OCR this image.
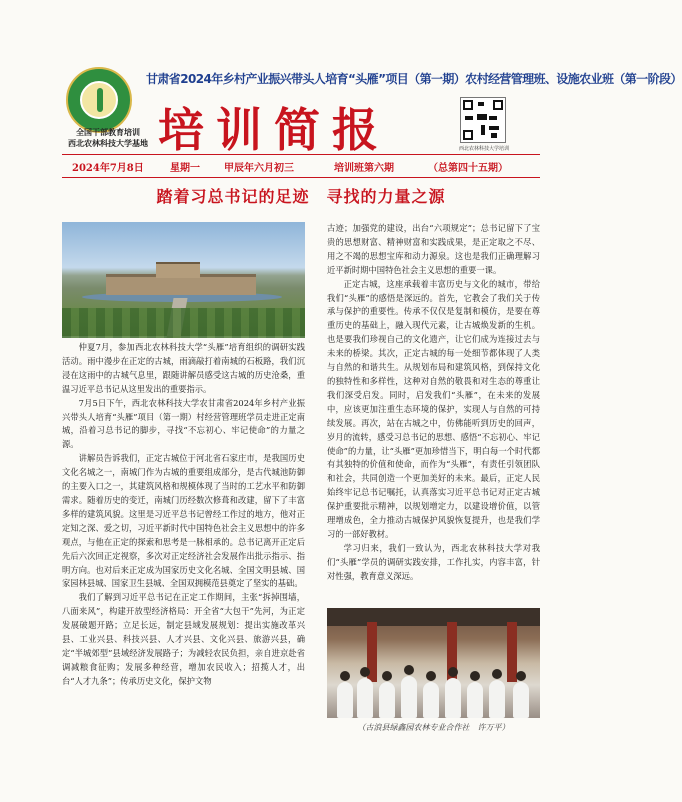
全国干部教育培训
西北农林科技大学基地
甘肃省2024年乡村产业振兴带头人培育“头雁”项目（第一期）农村经营管理班、设施农业班（第一阶段）
培训简报	西北农林科技大学培训
2024年7月8日	星期一 甲辰年六月初三	培训班第六期	（总第四十五期）
踏着习总书记的足迹　寻找的力量之源

仲夏7月，参加西北农林科技大学“头雁”培育组织的调研实践活动。雨中漫步在正定的古城，雨滴敲打着南城的石板路，我们沉浸在这雨中的古城气息里，跟随讲解员感受这古城的历史沧桑，重温习近平总书记从这里发出的重要指示。

7月5日下午，西北农林科技大学农甘肃省2024年乡村产业振兴带头人培育“头雁”项目（第一期）村经营管理班学员走进正定南城，沿着习总书记的脚步，寻找“不忘初心、牢记使命”的力量之源。

讲解员告诉我们，正定古城位于河北省石家庄市，是我国历史文化名城之一，南城门作为古城的重要组成部分，是古代城池防御的主要入口之一，其建筑风格和规模体现了当时的工艺水平和防御需求。随着历史的变迁，南城门历经数次修葺和改建，留下了丰富多样的建筑风貌。这里是习近平总书记曾经工作过的地方，他对正定知之深、爱之切，习近平新时代中国特色社会主义思想中的许多观点，与他在正定的探索和思考是一脉相承的。总书记离开正定后先后六次回正定视察，多次对正定经济社会发展作出批示指示、指明方向。也对后来正定成为国家历史文化名城、全国文明县城、国家园林县城、国家卫生县城、全国双拥模范县奠定了坚实的基础。

我们了解到习近平总书记在正定工作期间，主张“拆掉围墙，八面来风”，构建开放型经济格局：开全省“大包干”先河，为正定发展破题开路；立足长远，制定县域发展规划：提出实施改革兴县、工业兴县、科技兴县、人才兴县、文化兴县、旅游兴县，确定“半城郊型”县域经济发展路子；为减轻农民负担，亲自进京赴省调减粮食征购；发展多种经营，增加农民收入；招揽人才，出台“人才九条”；传承历史文化，保护文物

古迹；加强党的建设，出台“六项规定”；总书记留下了宝贵的思想财富、精神财富和实践成果，是正定取之不尽、用之不竭的思想宝库和动力源泉。这也是我们正确理解习近平新时期中国特色社会主义思想的重要一课。

正定古城，这座承载着丰富历史与文化的城市，带给我们“头雁”的感悟是深远的。首先，它教会了我们关于传承与保护的重要性。传承不仅仅是复制和模仿，是要在尊重历史的基础上，融入现代元素，让古城焕发新的生机。也是要我们珍视自己的文化遗产，让它们成为连接过去与未来的桥梁。其次，正定古城的每一处细节都体现了人类与自然的和谐共生。从规划布局和建筑风格，到保持文化的独特性和多样性，这种对自然的敬畏和对生态的尊重让我们深受启发。同时，启发我们“头雁”，在未来的发展中，应该更加注重生态环境的保护，实现人与自然的可持续发展。再次，站在古城之中，仿佛能听到历史的回声，岁月的流转，感受习总书记的思想、感悟“不忘初心、牢记使命”的力量，让“头雁”更加珍惜当下，明白每一个时代都有其独特的价值和使命，而作为“头雁”，有责任引领团队和社会，共同创造一个更加美好的未来。最后，正定人民始终牢记总书记嘱托，认真落实习近平总书记对正定古城保护重要批示精神，以规划增定力，以建设增价值，以管理增成色，全力推动古城保护风貌恢复提升，也是我们学习的一部好教材。

学习归来，我们一致认为，西北农林科技大学对我们“头雁”学员的调研实践安排，工作扎实，内容丰富，针对性强，教育意义深远。

（古浪县绿鑫园农林专业合作社　许万平）
